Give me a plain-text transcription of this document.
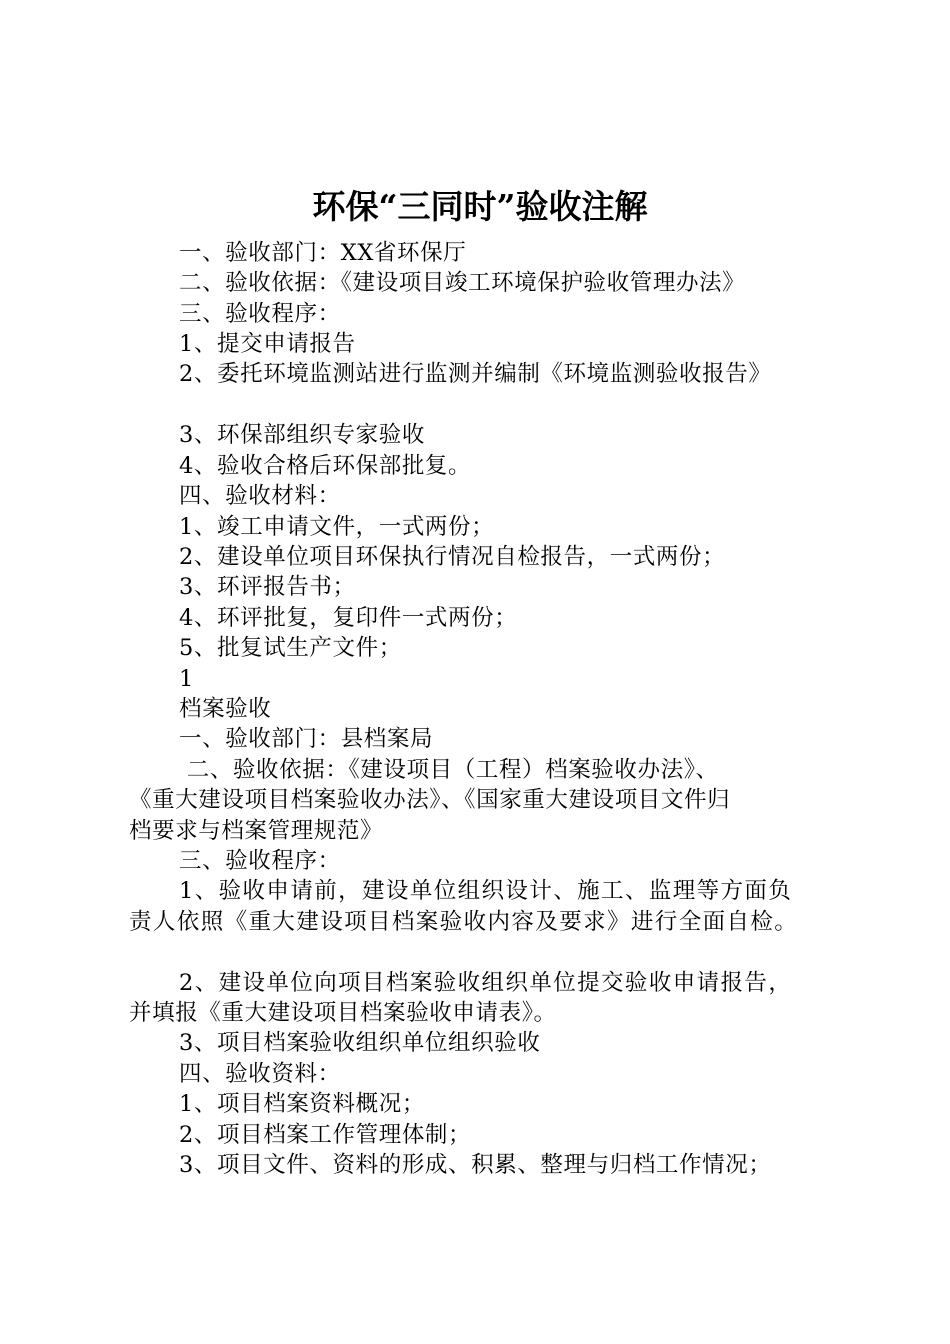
环保“三同时”验收注解
一、验收部门：XX省环保厅
二、验收依据：《建设项目竣工环境保护验收管理办法》
三、验收程序：
1、提交申请报告
2、委托环境监测站进行监测并编制《环境监测验收报告》
3、环保部组织专家验收
4、验收合格后环保部批复。
四、验收材料：
1、竣工申请文件，一式两份；
2、建设单位项目环保执行情况自检报告，一式两份；
3、环评报告书；
4、环评批复，复印件一式两份；
5、批复试生产文件；
1
档案验收
一、验收部门：县档案局
二、验收依据：《建设项目（工程）档案验收办法》、
《重大建设项目档案验收办法》、《国家重大建设项目文件归
档要求与档案管理规范》
三、验收程序：
1、验收申请前，建设单位组织设计、施工、监理等方面负
责人依照《重大建设项目档案验收内容及要求》进行全面自检。
2、建设单位向项目档案验收组织单位提交验收申请报告，
并填报《重大建设项目档案验收申请表》。
3、项目档案验收组织单位组织验收
四、验收资料：
1、项目档案资料概况；
2、项目档案工作管理体制；
3、项目文件、资料的形成、积累、整理与归档工作情况；
